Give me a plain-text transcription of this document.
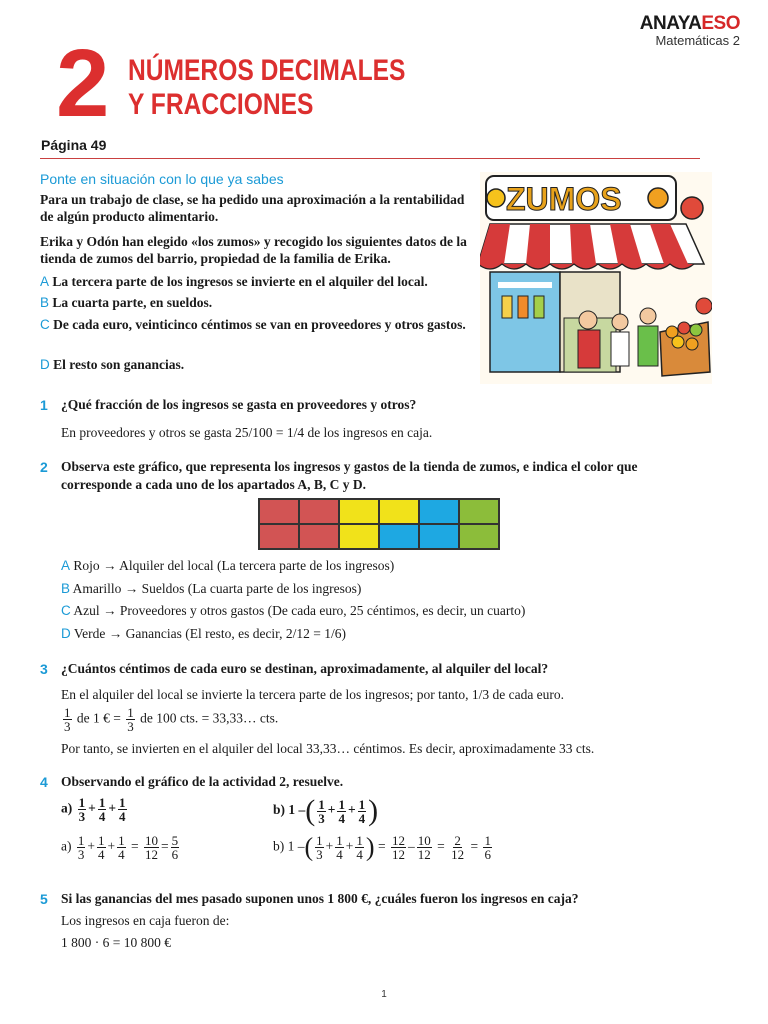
ANAYAESO
Matemáticas 2
2 NÚMEROS DECIMALES
Y FRACCIONES
Página 49
Ponte en situación con lo que ya sabes
Para un trabajo de clase, se ha pedido una aproximación a la rentabilidad de algún producto alimentario.
Erika y Odón han elegido «los zumos» y recogido los siguientes datos de la tienda de zumos del barrio, propiedad de la familia de Erika.
A La tercera parte de los ingresos se invierte en el alquiler del local.
B La cuarta parte, en sueldos.
C De cada euro, veinticinco céntimos se van en proveedores y otros gastos.
D El resto son ganancias.
ZUMOS
1 ¿Qué fracción de los ingresos se gasta en proveedores y otros?
En proveedores y otros se gasta 25/100 = 1/4 de los ingresos en caja.
2 Observa este gráfico, que representa los ingresos y gastos de la tienda de zumos, e indica el color que corresponde a cada uno de los apartados A, B, C y D.
A Rojo → Alquiler del local (La tercera parte de los ingresos)
B Amarillo → Sueldos (La cuarta parte de los ingresos)
C Azul → Proveedores y otros gastos (De cada euro, 25 céntimos, es decir, un cuarto)
D Verde → Ganancias (El resto, es decir, 2/12 = 1/6)
3 ¿Cuántos céntimos de cada euro se destinan, aproximadamente, al alquiler del local?
En el alquiler del local se invierte la tercera parte de los ingresos; por tanto, 1/3 de cada euro.
$\frac{1}{3}$ de 1 € = $\frac{1}{3}$ de 100 cts. = 33,33… cts.
Por tanto, se invierten en el alquiler del local 33,33… céntimos. Es decir, aproximadamente 33 cts.
4 Observando el gráfico de la actividad 2, resuelve.
$a) \frac{1}{3} + \frac{1}{4} + \frac{1}{4}$	b) 1 –( $\frac{1}{3} + \frac{1}{4} + \frac{1}{4}$ )
$a) \frac{1}{3} + \frac{1}{4} + \frac{1}{4} = \frac{10}{12} = \frac{5}{6}$	b) 1 –( $\frac{1}{3} + \frac{1}{4} + \frac{1}{4}$ ) = $\frac{12}{12} - \frac{10}{12} = \frac{2}{12} = \frac{1}{6}$
5 Si las ganancias del mes pasado suponen unos 1 800 €, ¿cuáles fueron los ingresos en caja?
Los ingresos en caja fueron de:
1 800 · 6 = 10 800 €
1
